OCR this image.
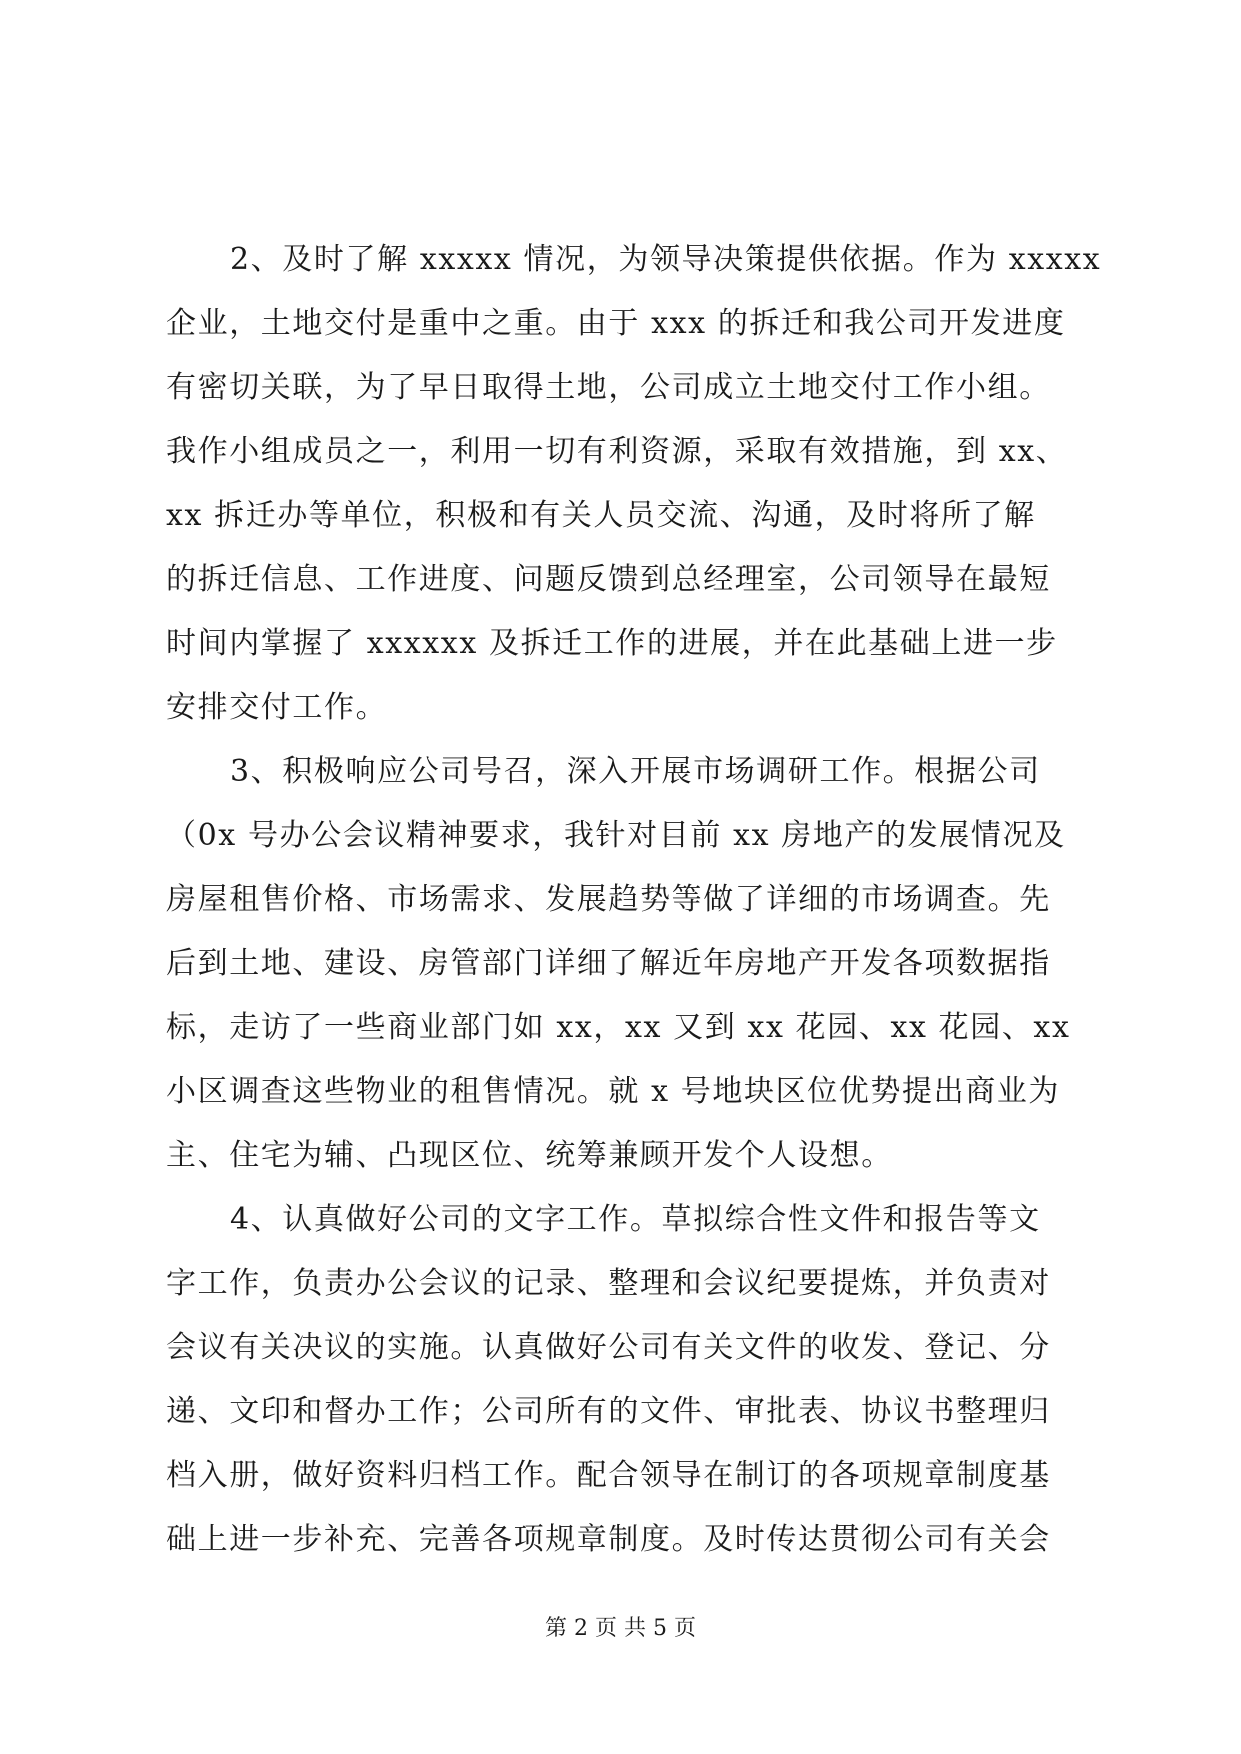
2、及时了解 xxxxx 情况，为领导决策提供依据。作为 xxxxx
企业，土地交付是重中之重。由于 xxx 的拆迁和我公司开发进度
有密切关联，为了早日取得土地，公司成立土地交付工作小组。
我作小组成员之一，利用一切有利资源，采取有效措施，到 xx、
xx 拆迁办等单位，积极和有关人员交流、沟通，及时将所了解
的拆迁信息、工作进度、问题反馈到总经理室，公司领导在最短
时间内掌握了 xxxxxx 及拆迁工作的进展，并在此基础上进一步
安排交付工作。
3、积极响应公司号召，深入开展市场调研工作。根据公司
（0x 号办公会议精神要求，我针对目前 xx 房地产的发展情况及
房屋租售价格、市场需求、发展趋势等做了详细的市场调查。先
后到土地、建设、房管部门详细了解近年房地产开发各项数据指
标，走访了一些商业部门如 xx，xx 又到 xx 花园、xx 花园、xx
小区调查这些物业的租售情况。就 x 号地块区位优势提出商业为
主、住宅为辅、凸现区位、统筹兼顾开发个人设想。
4、认真做好公司的文字工作。草拟综合性文件和报告等文
字工作，负责办公会议的记录、整理和会议纪要提炼，并负责对
会议有关决议的实施。认真做好公司有关文件的收发、登记、分
递、文印和督办工作；公司所有的文件、审批表、协议书整理归
档入册，做好资料归档工作。配合领导在制订的各项规章制度基
础上进一步补充、完善各项规章制度。及时传达贯彻公司有关会
第 2 页 共 5 页
